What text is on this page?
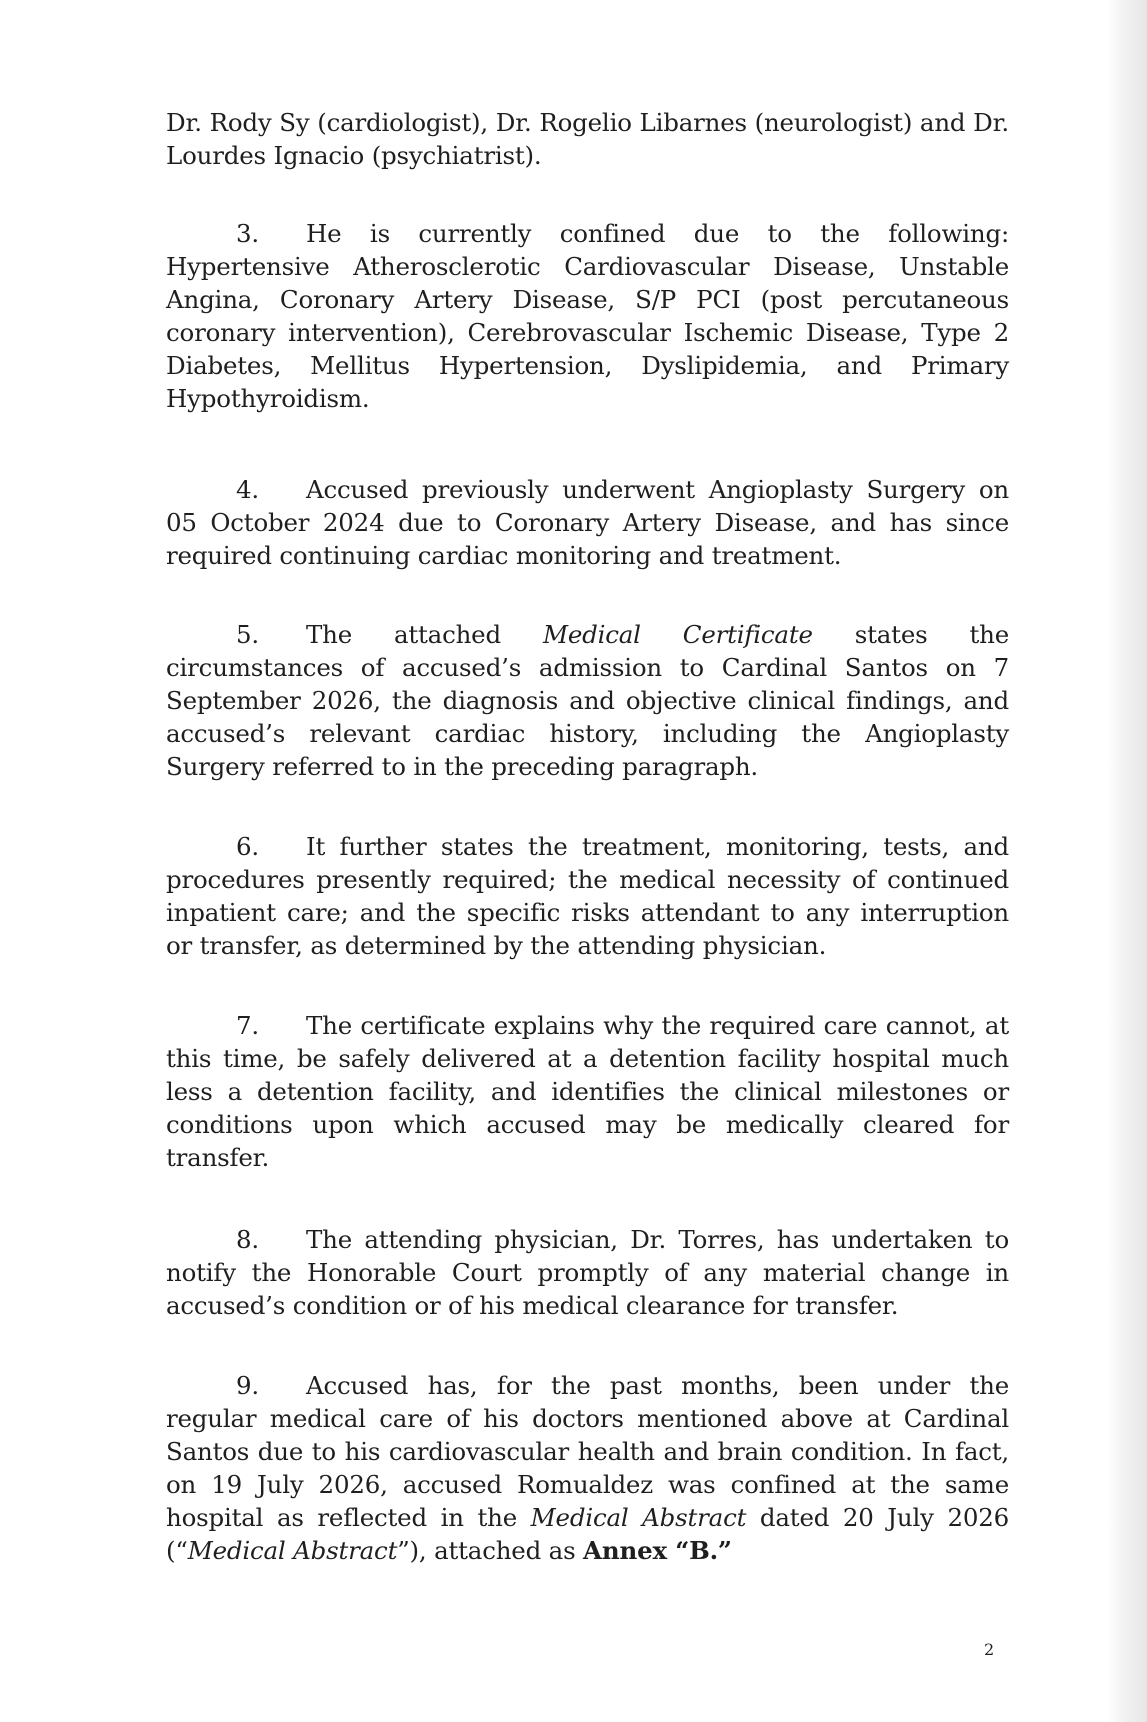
Dr. Rody Sy (cardiologist), Dr. Rogelio Libarnes (neurologist) and Dr. Lourdes Ignacio (psychiatrist).

3. He is currently confined due to the following: Hypertensive Atherosclerotic Cardiovascular Disease, Unstable Angina, Coronary Artery Disease, S/P PCI (post percutaneous coronary intervention), Cerebrovascular Ischemic Disease, Type 2 Diabetes, Mellitus Hypertension, Dyslipidemia, and Primary Hypothyroidism.

4. Accused previously underwent Angioplasty Surgery on 05 October 2024 due to Coronary Artery Disease, and has since required continuing cardiac monitoring and treatment.

5. The attached Medical Certificate states the circumstances of accused’s admission to Cardinal Santos on 7 September 2026, the diagnosis and objective clinical findings, and accused’s relevant cardiac history, including the Angioplasty Surgery referred to in the preceding paragraph.

6. It further states the treatment, monitoring, tests, and procedures presently required; the medical necessity of continued inpatient care; and the specific risks attendant to any interruption or transfer, as determined by the attending physician.

7. The certificate explains why the required care cannot, at this time, be safely delivered at a detention facility hospital much less a detention facility, and identifies the clinical milestones or conditions upon which accused may be medically cleared for transfer.

8. The attending physician, Dr. Torres, has undertaken to notify the Honorable Court promptly of any material change in accused’s condition or of his medical clearance for transfer.

9. Accused has, for the past months, been under the regular medical care of his doctors mentioned above at Cardinal Santos due to his cardiovascular health and brain condition. In fact, on 19 July 2026, accused Romualdez was confined at the same hospital as reflected in the Medical Abstract dated 20 July 2026 (“Medical Abstract”), attached as Annex “B.”

2
